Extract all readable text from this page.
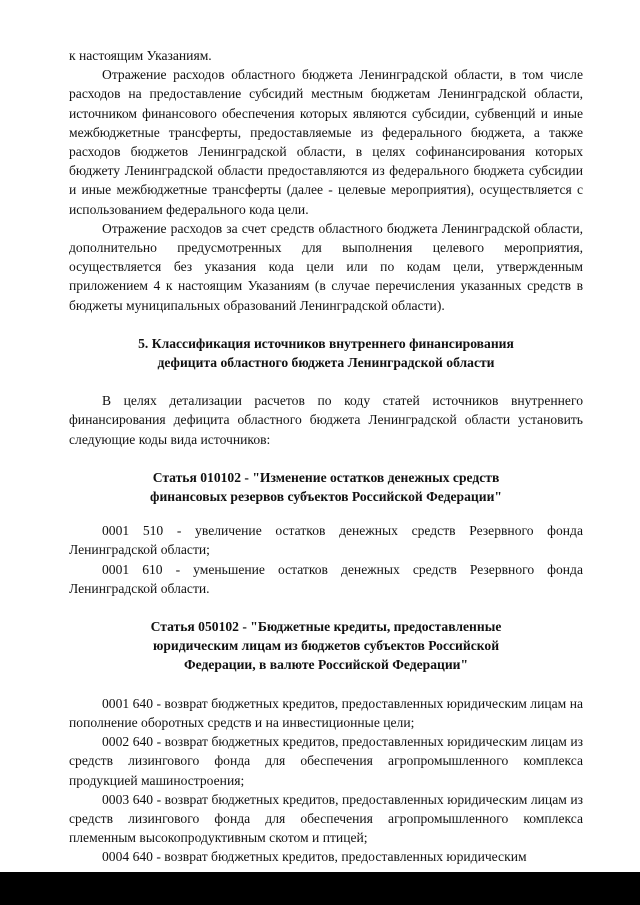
к настоящим Указаниям.

Отражение расходов областного бюджета Ленинградской области, в том числе расходов на предоставление субсидий местным бюджетам Ленинградской области, источником финансового обеспечения которых являются субсидии, субвенций и иные межбюджетные трансферты, предоставляемые из федерального бюджета, а также расходов бюджетов Ленинградской области, в целях софинансирования которых бюджету Ленинградской области предоставляются из федерального бюджета субсидии и иные межбюджетные трансферты (далее - целевые мероприятия), осуществляется с использованием федерального кода цели.

Отражение расходов за счет средств областного бюджета Ленинградской области, дополнительно предусмотренных для выполнения целевого мероприятия, осуществляется без указания кода цели или по кодам цели, утвержденным приложением 4 к настоящим Указаниям (в случае перечисления указанных средств в бюджеты муниципальных образований Ленинградской области).

5. Классификация источников внутреннего финансирования
дефицита областного бюджета Ленинградской области

В целях детализации расчетов по коду статей источников внутреннего финансирования дефицита областного бюджета Ленинградской области установить следующие коды вида источников:

Статья 010102 - "Изменение остатков денежных средств
финансовых резервов субъектов Российской Федерации"

0001 510 - увеличение остатков денежных средств Резервного фонда Ленинградской области;

0001 610 - уменьшение остатков денежных средств Резервного фонда Ленинградской области.

Статья 050102 - "Бюджетные кредиты, предоставленные
юридическим лицам из бюджетов субъектов Российской
Федерации, в валюте Российской Федерации"

0001 640 - возврат бюджетных кредитов, предоставленных юридическим лицам на пополнение оборотных средств и на инвестиционные цели;

0002 640 - возврат бюджетных кредитов, предоставленных юридическим лицам из средств лизингового фонда для обеспечения агропромышленного комплекса продукцией машиностроения;

0003 640 - возврат бюджетных кредитов, предоставленных юридическим лицам из средств лизингового фонда для обеспечения агропромышленного комплекса племенным высокопродуктивным скотом и птицей;

0004 640 - возврат бюджетных кредитов, предоставленных юридическим
